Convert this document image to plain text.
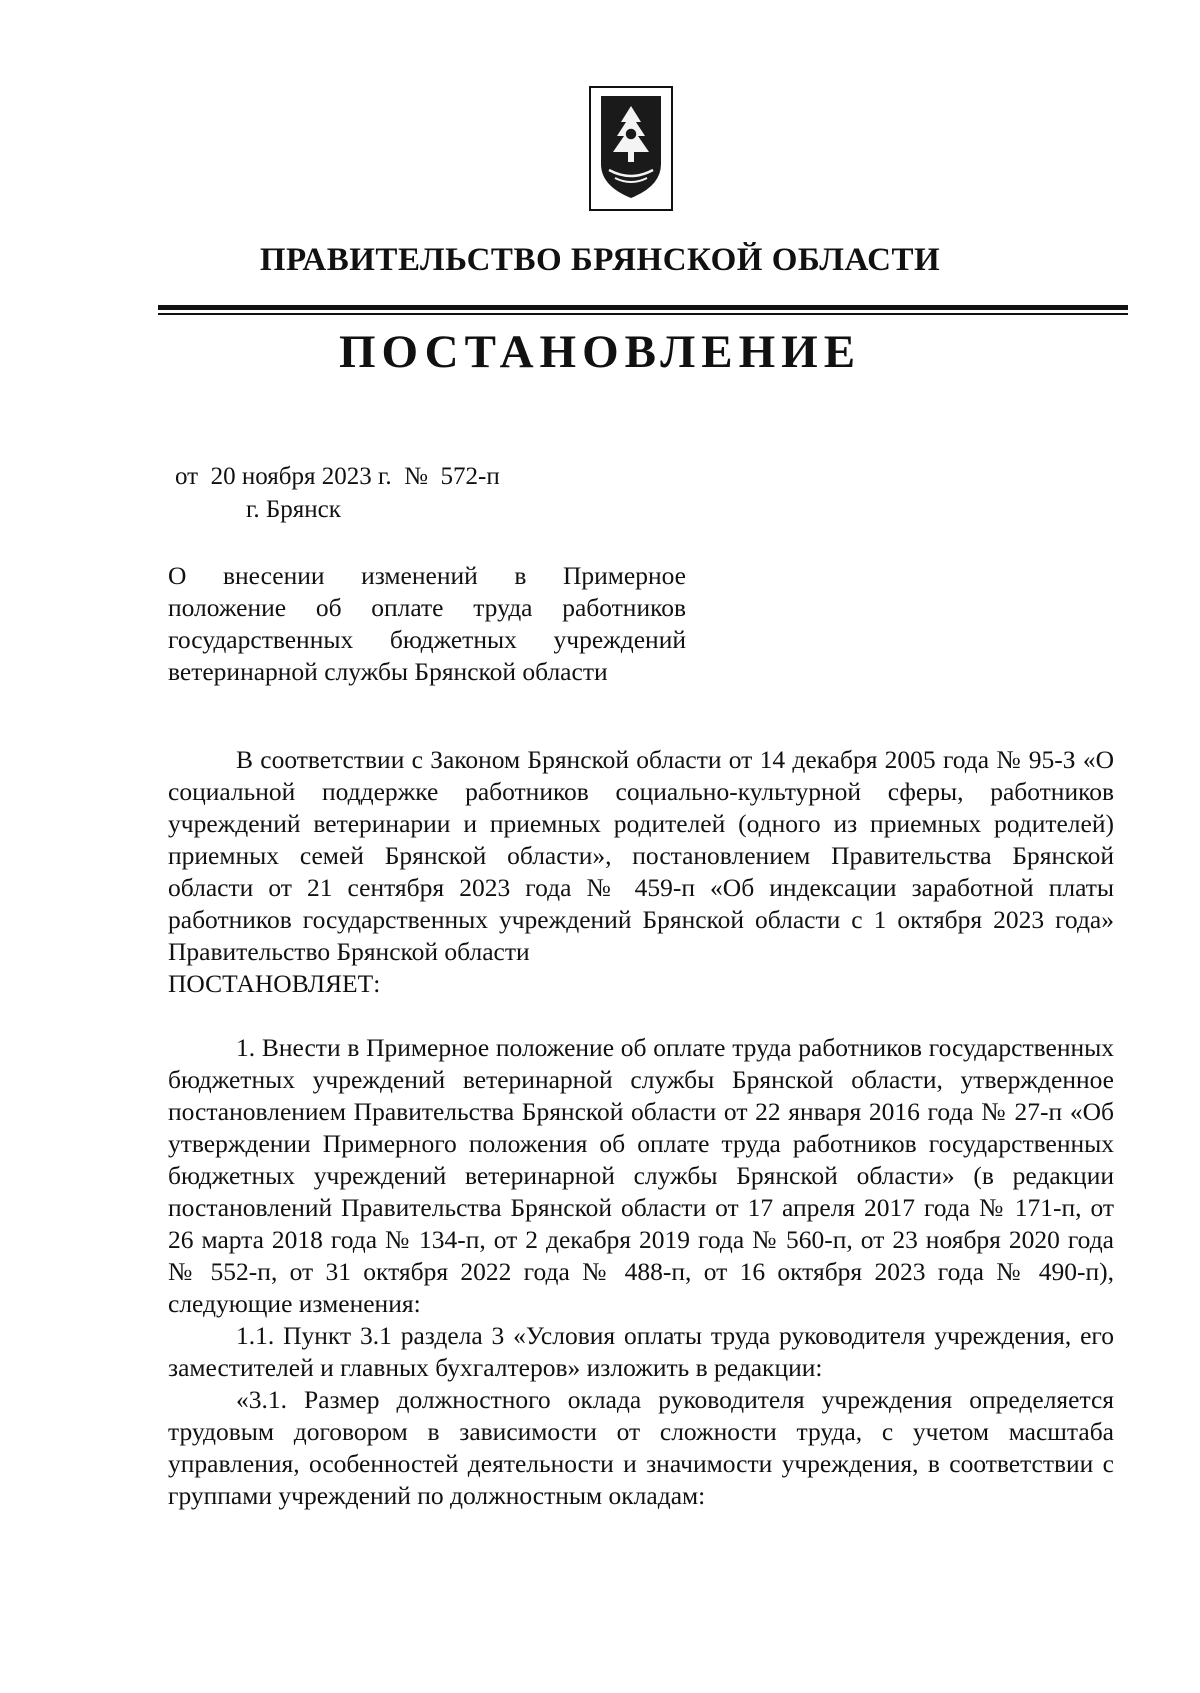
ПРАВИТЕЛЬСТВО БРЯНСКОЙ ОБЛАСТИ
ПОСТАНОВЛЕНИЕ
от  20 ноября 2023 г.  №  572-п
г. Брянск
О внесении изменений в Примерное положение об оплате труда работников государственных бюджетных учреждений ветеринарной службы Брянской области

В соответствии с Законом Брянской области от 14 декабря 2005 года № 95-З «О социальной поддержке работников социально-культурной сферы, работников учреждений ветеринарии и приемных родителей (одного из приемных родителей) приемных семей Брянской области», постановлением Правительства Брянской области от 21 сентября 2023 года № 459-п «Об индексации заработной платы работников государственных учреждений Брянской области с 1 октября 2023 года» Правительство Брянской области

ПОСТАНОВЛЯЕТ:

1. Внести в Примерное положение об оплате труда работников государственных бюджетных учреждений ветеринарной службы Брянской области, утвержденное постановлением Правительства Брянской области от 22 января 2016 года № 27-п «Об утверждении Примерного положения об оплате труда работников государственных бюджетных учреждений ветеринарной службы Брянской области» (в редакции постановлений Правительства Брянской области от 17 апреля 2017 года № 171-п, от 26 марта 2018 года № 134-п, от 2 декабря 2019 года № 560-п, от 23 ноября 2020 года № 552-п, от 31 октября 2022 года № 488-п, от 16 октября 2023 года № 490-п), следующие изменения:

1.1. Пункт 3.1 раздела 3 «Условия оплаты труда руководителя учреждения, его заместителей и главных бухгалтеров» изложить в редакции:

«3.1. Размер должностного оклада руководителя учреждения определяется трудовым договором в зависимости от сложности труда, с учетом масштаба управления, особенностей деятельности и значимости учреждения, в соответствии с группами учреждений по должностным окладам:
